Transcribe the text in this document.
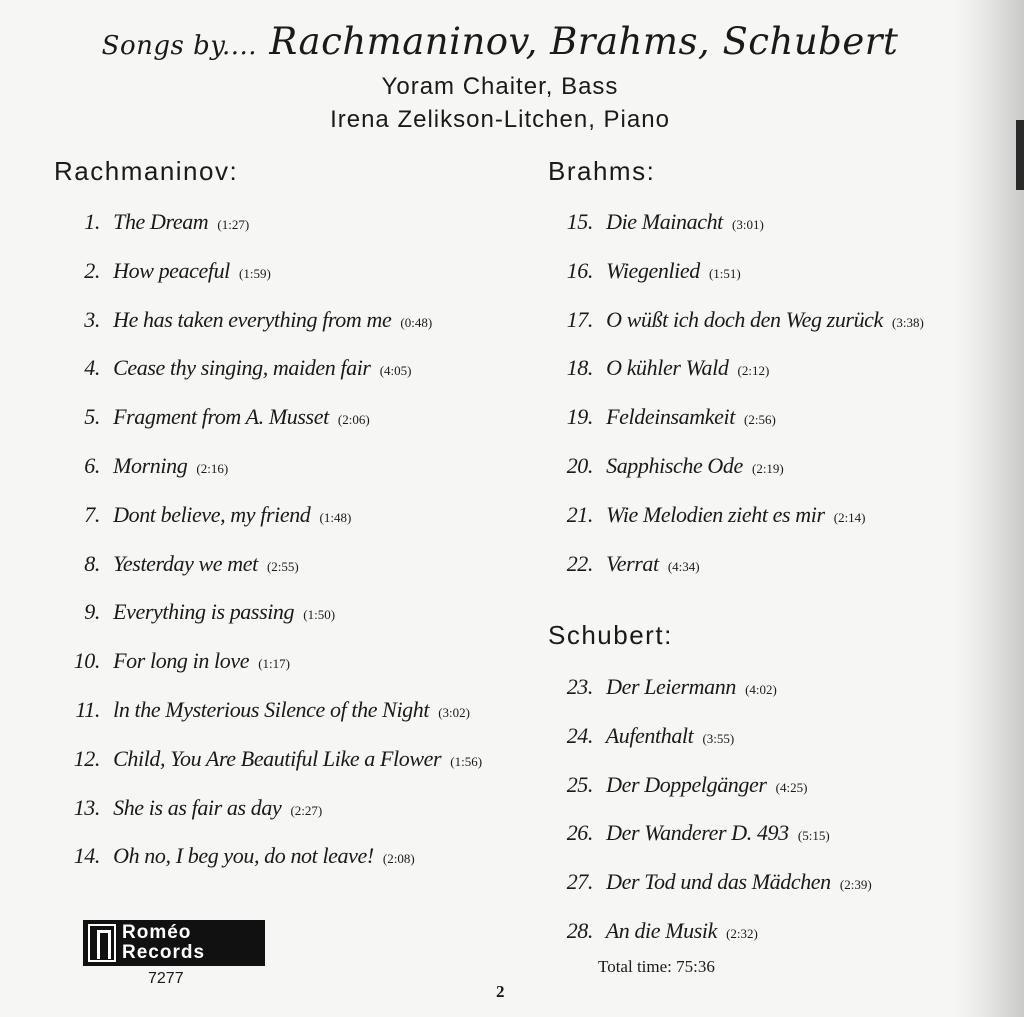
Songs by.... Rachmaninov, Brahms, Schubert
Yoram Chaiter, Bass
Irena Zelikson-Litchen, Piano
Rachmaninov:
1. The Dream (1:27)
2. How peaceful (1:59)
3. He has taken everything from me (0:48)
4. Cease thy singing, maiden fair (4:05)
5. Fragment from A. Musset (2:06)
6. Morning (2:16)
7. Dont believe, my friend (1:48)
8. Yesterday we met (2:55)
9. Everything is passing (1:50)
10. For long in love (1:17)
11. ln the Mysterious Silence of the Night (3:02)
12. Child, You Are Beautiful Like a Flower (1:56)
13. She is as fair as day (2:27)
14. Oh no, I beg you, do not leave! (2:08)
Brahms:
15. Die Mainacht (3:01)
16. Wiegenlied (1:51)
17. O wüßt ich doch den Weg zurück (3:38)
18. O kühler Wald (2:12)
19. Feldeinsamkeit (2:56)
20. Sapphische Ode (2:19)
21. Wie Melodien zieht es mir (2:14)
22. Verrat (4:34)
Schubert:
23. Der Leiermann (4:02)
24. Aufenthalt (3:55)
25. Der Doppelgänger (4:25)
26. Der Wanderer D. 493 (5:15)
27. Der Tod und das Mädchen (2:39)
28. An die Musik (2:32)
Total time: 75:36
Roméo
Records
7277
2
